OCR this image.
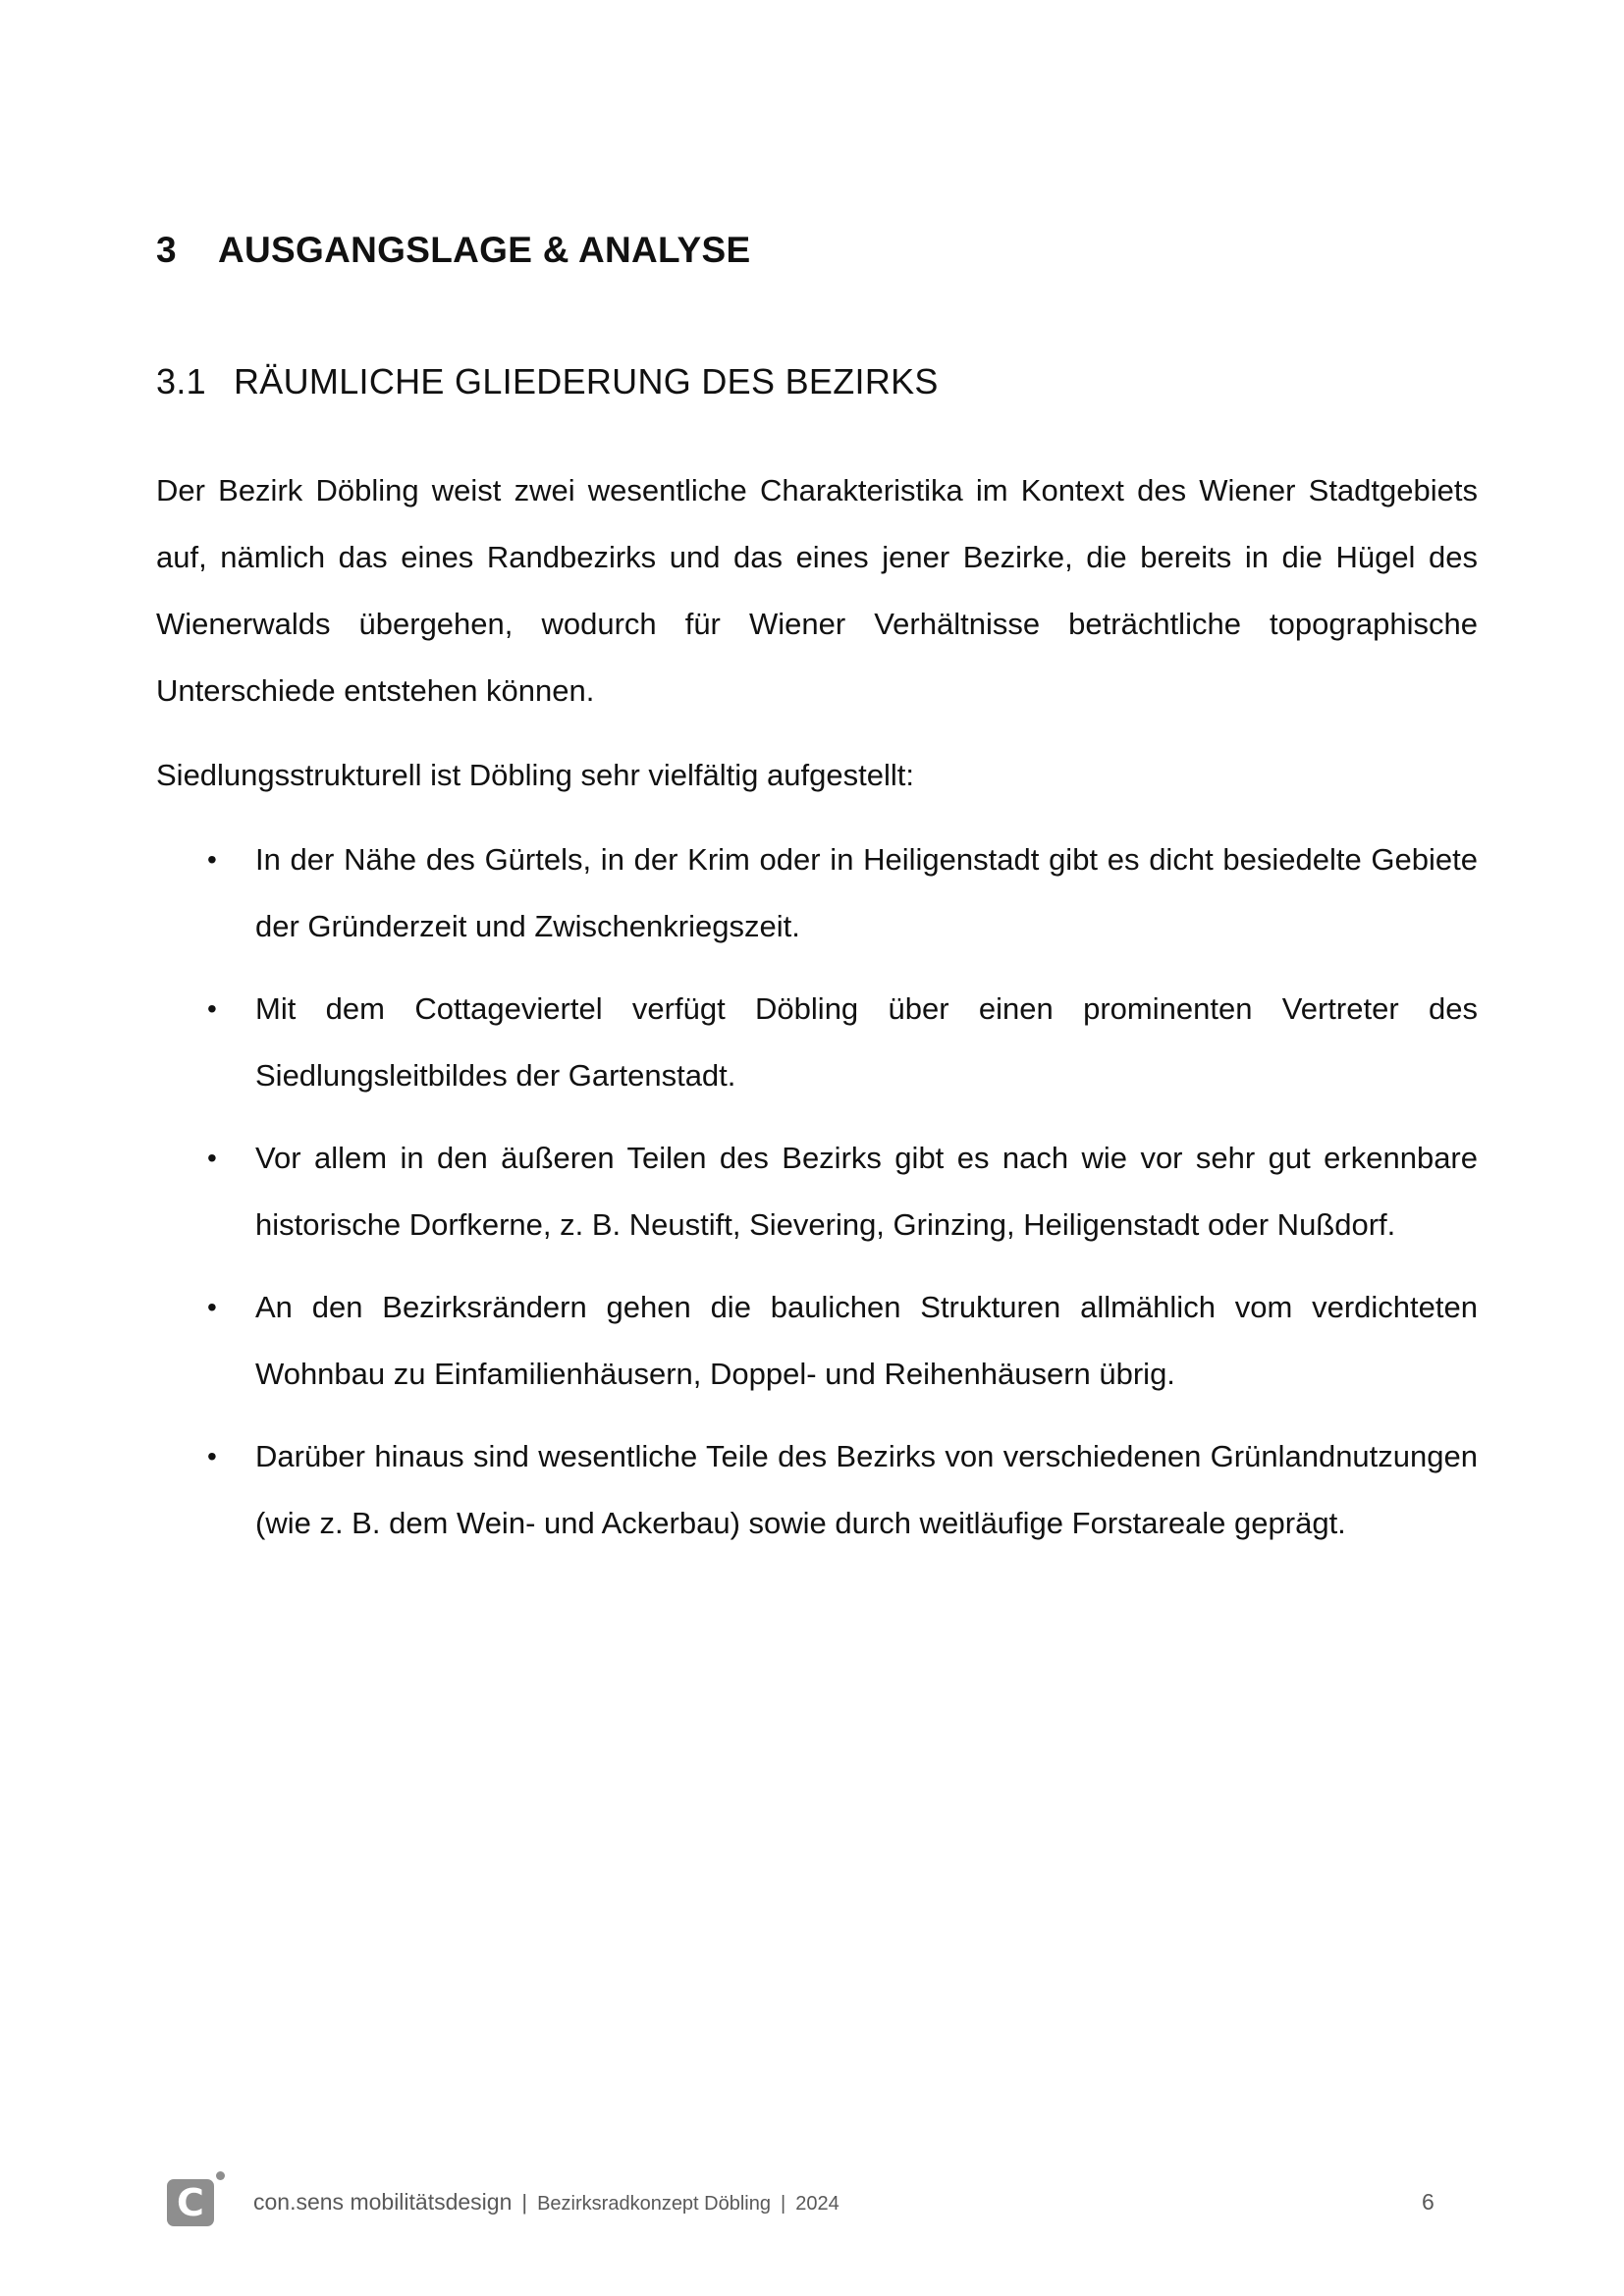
3	AUSGANGSLAGE & ANALYSE
3.1 RÄUMLICHE GLIEDERUNG DES BEZIRKS

Der Bezirk Döbling weist zwei wesentliche Charakteristika im Kontext des Wiener Stadtgebiets auf, nämlich das eines Randbezirks und das eines jener Bezirke, die bereits in die Hügel des Wienerwalds übergehen, wodurch für Wiener Verhältnisse beträchtliche topographische Unterschiede entstehen können.

Siedlungsstrukturell ist Döbling sehr vielfältig aufgestellt:

• In der Nähe des Gürtels, in der Krim oder in Heiligenstadt gibt es dicht besiedelte Gebiete der Gründerzeit und Zwischenkriegszeit.
• Mit dem Cottageviertel verfügt Döbling über einen prominenten Vertreter des Siedlungsleitbildes der Gartenstadt.
• Vor allem in den äußeren Teilen des Bezirks gibt es nach wie vor sehr gut erkennbare historische Dorfkerne, z. B. Neustift, Sievering, Grinzing, Heiligenstadt oder Nußdorf.
• An den Bezirksrändern gehen die baulichen Strukturen allmählich vom verdichteten Wohnbau zu Einfamilienhäusern, Doppel- und Reihenhäusern übrig.
• Darüber hinaus sind wesentliche Teile des Bezirks von verschiedenen Grünlandnutzungen (wie z. B. dem Wein- und Ackerbau) sowie durch weitläufige Forstareale geprägt.
C	con.sens mobilitätsdesign | Bezirksradkonzept Döbling | 2024	6
